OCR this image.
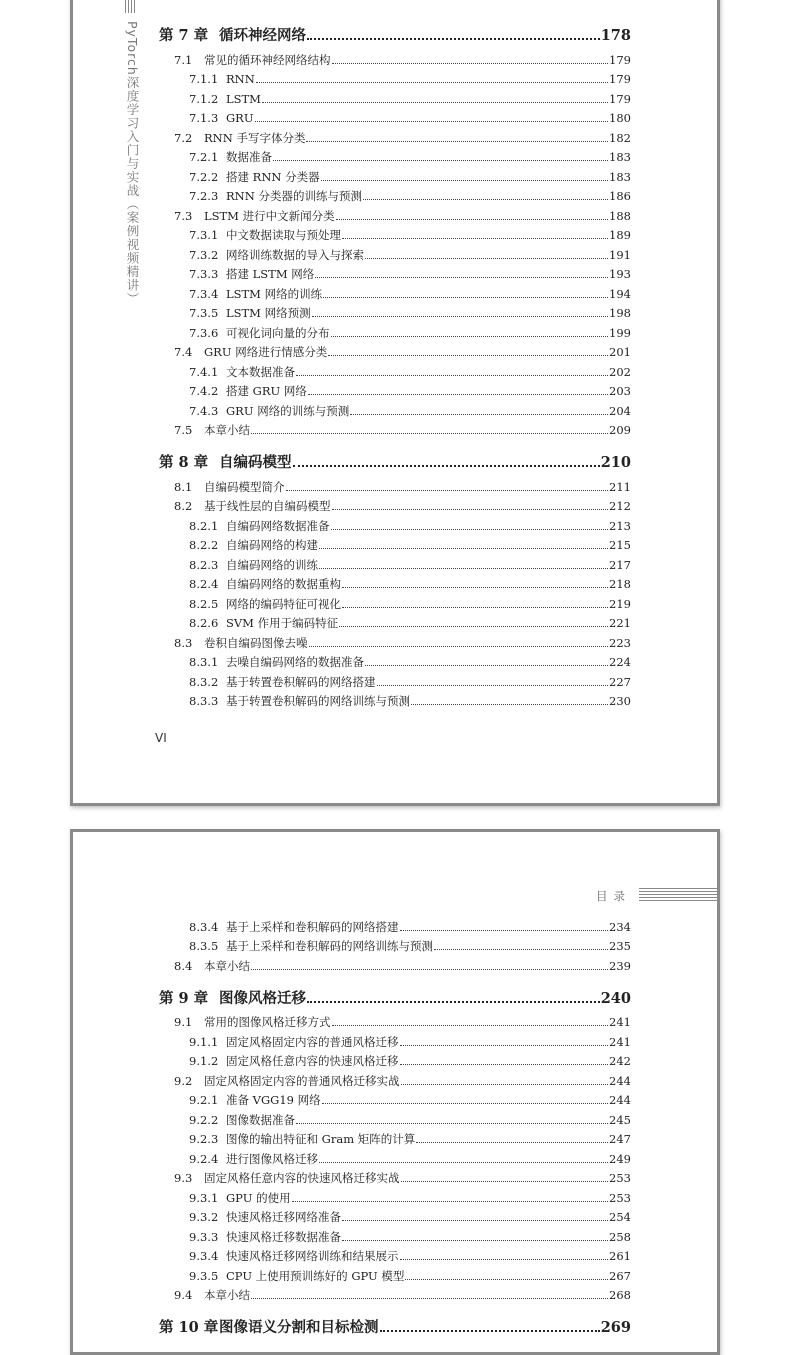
PyTorch深度学习入门与实战（案例视频精讲） 第 7 章 循环神经网络	178
7.1	常见的循环神经网络结构	179
7.1.1 RNN	179
7.1.2 LSTM	179
7.1.3 GRU	180
7.2	RNN 手写字体分类	182
7.2.1 数据准备	183
7.2.2 搭建 RNN 分类器	183
7.2.3 RNN 分类器的训练与预测	186
7.3	LSTM 进行中文新闻分类	188
7.3.1 中文数据读取与预处理	189
7.3.2 网络训练数据的导入与探索	191
7.3.3 搭建 LSTM 网络	193
7.3.4 LSTM 网络的训练	194
7.3.5 LSTM 网络预测	198
7.3.6 可视化词向量的分布	199
7.4	GRU 网络进行情感分类	201
7.4.1 文本数据准备	202
7.4.2 搭建 GRU 网络	203
7.4.3 GRU 网络的训练与预测	204
7.5	本章小结	209
第 8 章 自编码模型	210
8.1	自编码模型简介	211
8.2	基于线性层的自编码模型	212
8.2.1 自编码网络数据准备	213
8.2.2 自编码网络的构建	215
8.2.3 自编码网络的训练	217
8.2.4 自编码网络的数据重构	218
8.2.5 网络的编码特征可视化	219
8.2.6 SVM 作用于编码特征	221
8.3	卷积自编码图像去噪	223
8.3.1 去噪自编码网络的数据准备	224
8.3.2 基于转置卷积解码的网络搭建	227
8.3.3 基于转置卷积解码的网络训练与预测	230
VI
目录
8.3.4 基于上采样和卷积解码的网络搭建	234
8.3.5 基于上采样和卷积解码的网络训练与预测	235
8.4	本章小结	239
第 9 章 图像风格迁移	240
9.1	常用的图像风格迁移方式	241
9.1.1 固定风格固定内容的普通风格迁移	241
9.1.2 固定风格任意内容的快速风格迁移	242
9.2	固定风格固定内容的普通风格迁移实战	244
9.2.1 准备 VGG19 网络	244
9.2.2 图像数据准备	245
9.2.3 图像的输出特征和 Gram 矩阵的计算	247
9.2.4 进行图像风格迁移	249
9.3	固定风格任意内容的快速风格迁移实战	253
9.3.1 GPU 的使用	253
9.3.2 快速风格迁移网络准备	254
9.3.3 快速风格迁移数据准备	258
9.3.4 快速风格迁移网络训练和结果展示	261
9.3.5 CPU 上使用预训练好的 GPU 模型	267
9.4	本章小结	268
第 10 章 图像语义分割和目标检测	269
